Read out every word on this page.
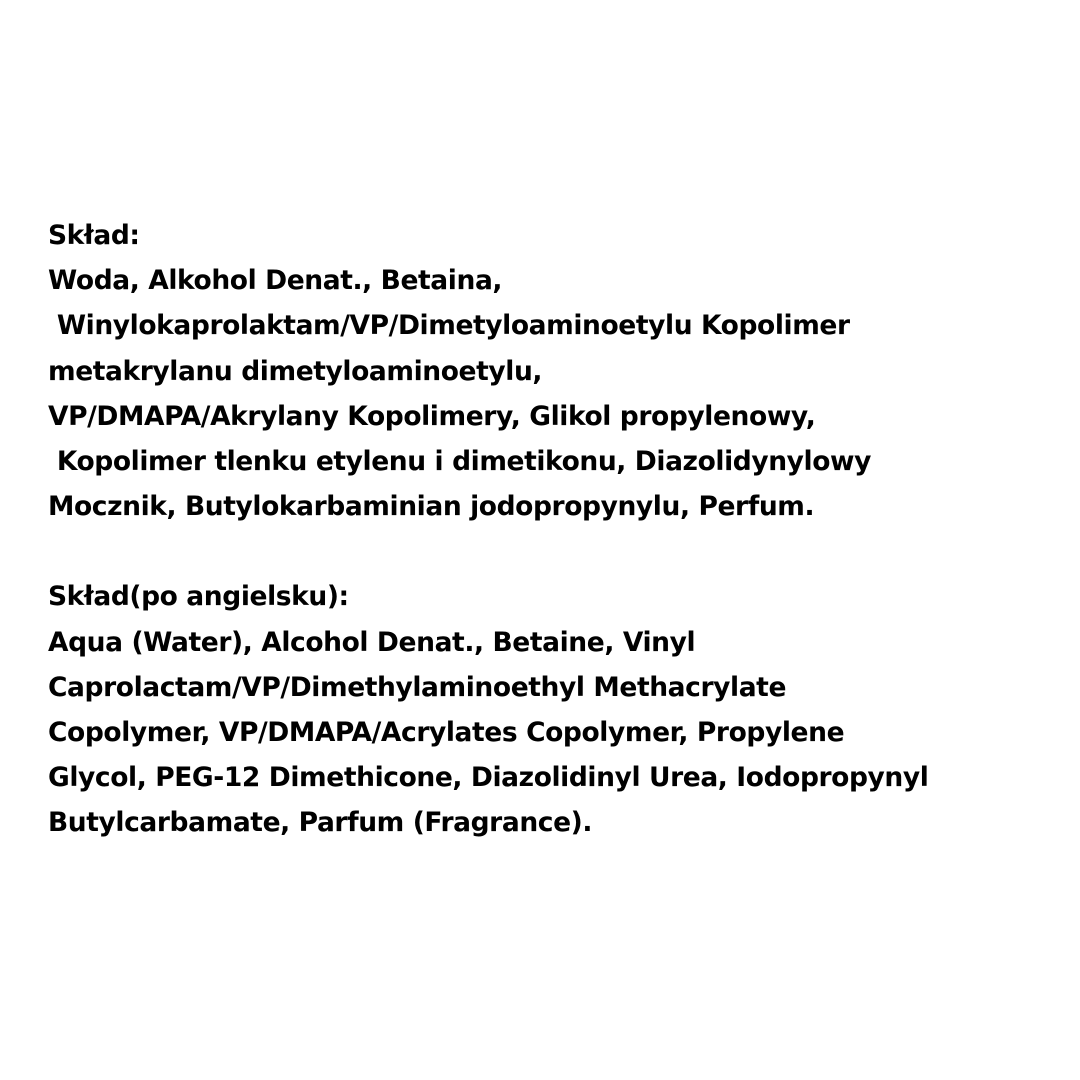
Skład:
Woda, Alkohol Denat., Betaina,
Winylokaprolaktam/VP/Dimetyloaminoetylu Kopolimer
metakrylanu dimetyloaminoetylu,
VP/DMAPA/Akrylany Kopolimery, Glikol propylenowy,
Kopolimer tlenku etylenu i dimetikonu, Diazolidynylowy
Mocznik, Butylokarbaminian jodopropynylu, Perfum.
Skład(po angielsku):
Aqua (Water), Alcohol Denat., Betaine, Vinyl
Caprolactam/VP/Dimethylaminoethyl Methacrylate
Copolymer, VP/DMAPA/Acrylates Copolymer, Propylene
Glycol, PEG-12 Dimethicone, Diazolidinyl Urea, Iodopropynyl
Butylcarbamate, Parfum (Fragrance).
